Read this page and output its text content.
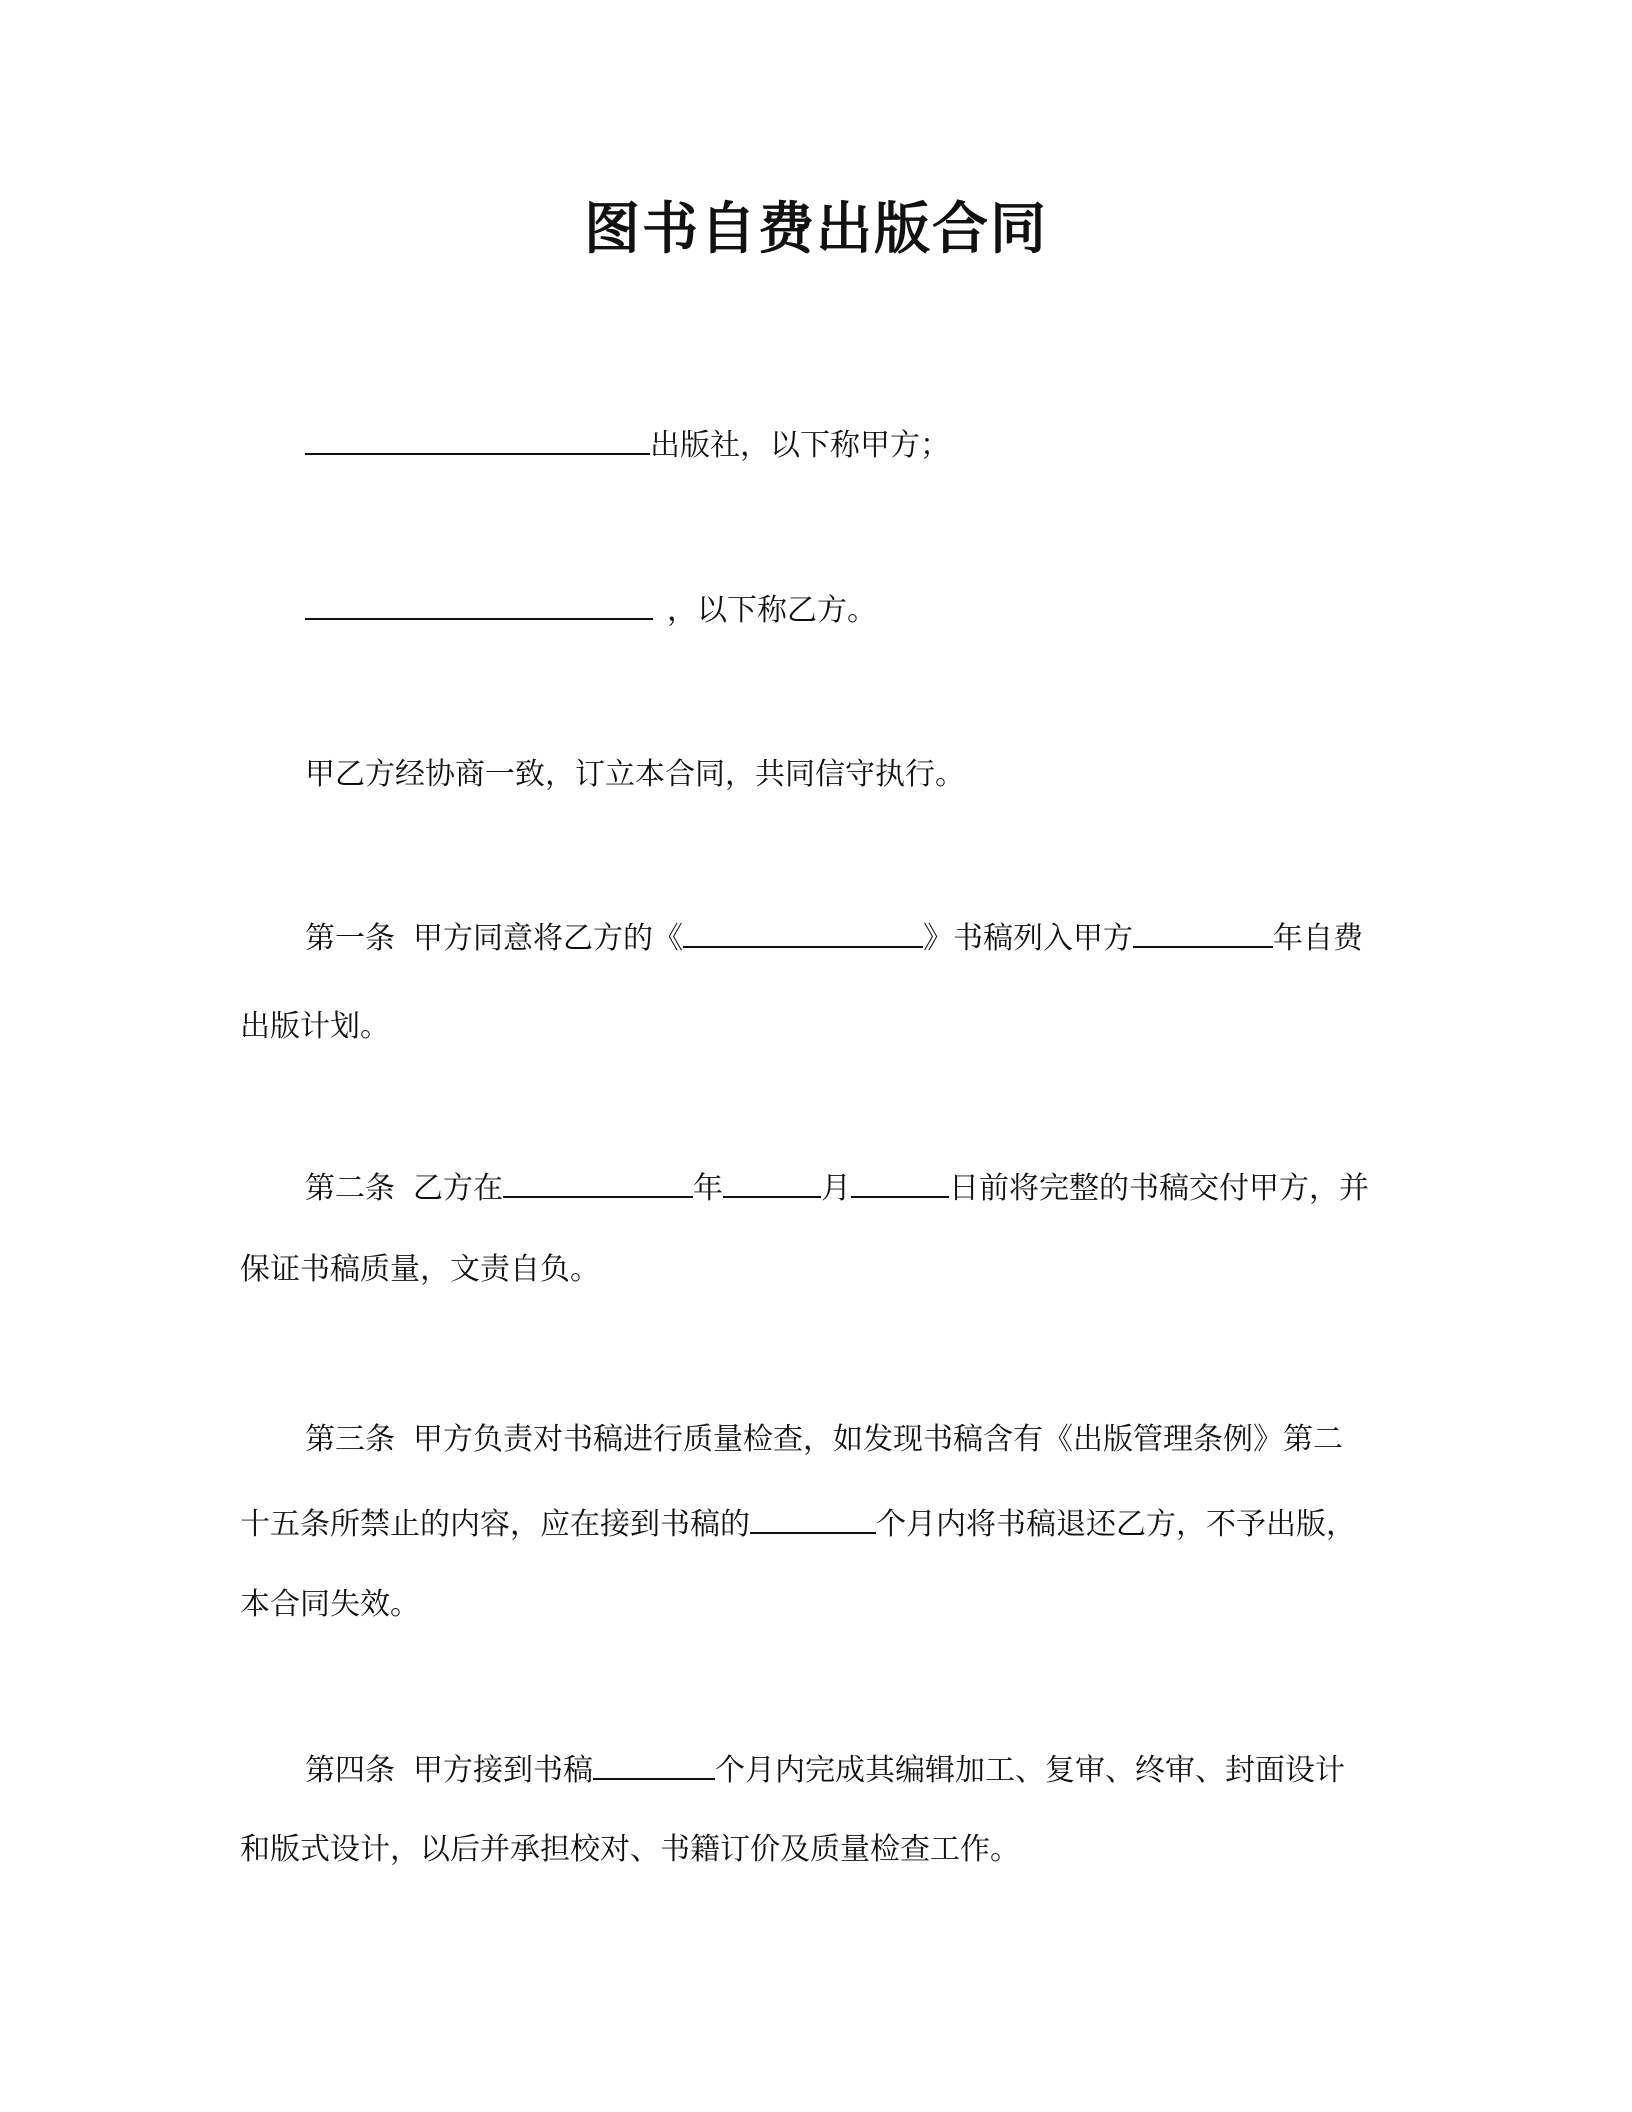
图书自费出版合同
出版社，以下称甲方；
，以下称乙方。
甲乙方经协商一致，订立本合同，共同信守执行。
第一条 甲方同意将乙方的《	》书稿列入甲方	年自费
出版计划。
第二条 乙方在	年	月	日前将完整的书稿交付甲方，并
保证书稿质量，文责自负。
第三条 甲方负责对书稿进行质量检查，如发现书稿含有《出版管理条例》第二
十五条所禁止的内容，应在接到书稿的	个月内将书稿退还乙方，不予出版，
本合同失效。
第四条 甲方接到书稿	个月内完成其编辑加工、复审、终审、封面设计
和版式设计，以后并承担校对、书籍订价及质量检查工作。
